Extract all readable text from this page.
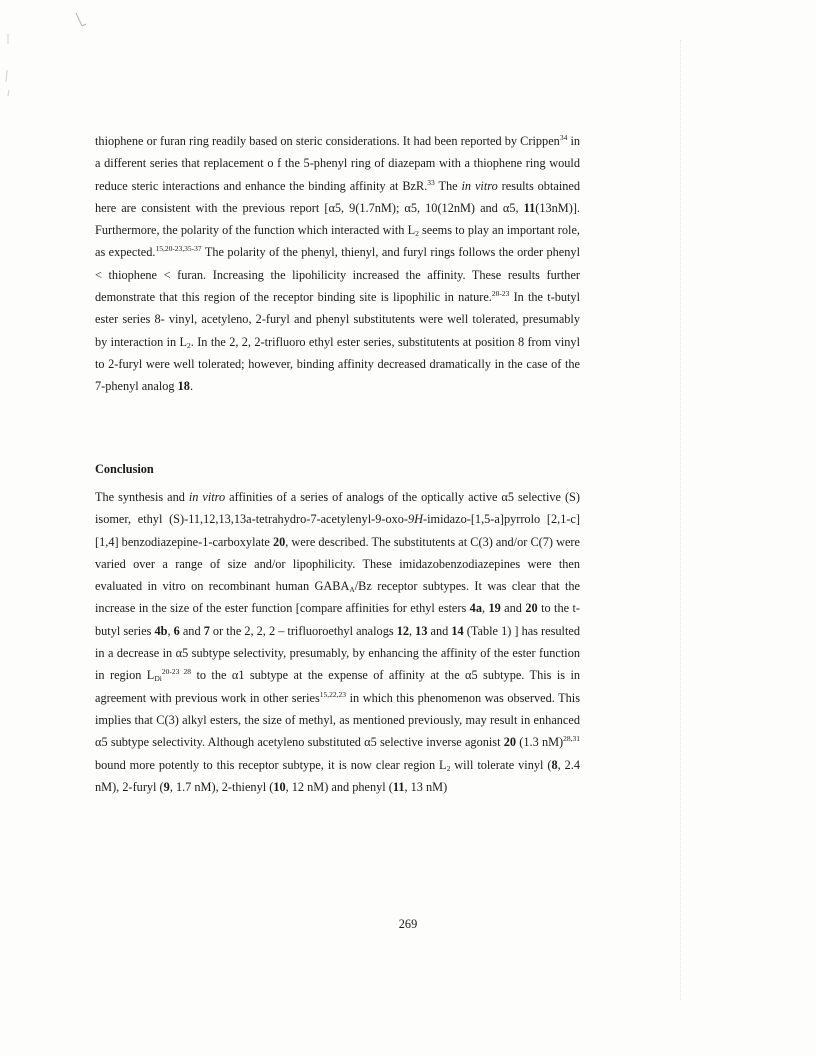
thiophene or furan ring readily based on steric considerations. It had been reported by Crippen$^{34}$ in a different series that replacement o f the 5-phenyl ring of diazepam with a thiophene ring would reduce steric interactions and enhance the binding affinity at BzR.$^{33}$ The in vitro results obtained here are consistent with the previous report [α5, 9(1.7nM); α5, 10(12nM) and α5, 11(13nM)]. Furthermore, the polarity of the function which interacted with $L_2$ seems to play an important role, as expected.$^{15,20-23,35-37}$ The polarity of the phenyl, thienyl, and furyl rings follows the order phenyl < thiophene < furan. Increasing the lipohilicity increased the affinity. These results further demonstrate that this region of the receptor binding site is lipophilic in nature.$^{20-23}$ In the t-butyl ester series 8- vinyl, acetyleno, 2-furyl and phenyl substitutents were well tolerated, presumably by interaction in $L_2$. In the 2, 2, 2-trifluoro ethyl ester series, substitutents at position 8 from vinyl to 2-furyl were well tolerated; however, binding affinity decreased dramatically in the case of the 7-phenyl analog 18.

Conclusion

The synthesis and in vitro affinities of a series of analogs of the optically active α5 selective (S) isomer, ethyl (S)-11,12,13,13a-tetrahydro-7-acetylenyl-9-oxo-9H-imidazo-[1,5-a]pyrrolo [2,1-c][1,4] benzodiazepine-1-carboxylate 20, were described. The substitutents at C(3) and/or C(7) were varied over a range of size and/or lipophilicity. These imidazobenzodiazepines were then evaluated in vitro on recombinant human $GABA_A/Bz$ receptor subtypes. It was clear that the increase in the size of the ester function [compare affinities for ethyl esters 4a, 19 and 20 to the t-butyl series 4b, 6 and 7 or the 2, 2, 2 – trifluoroethyl analogs 12, 13 and 14 (Table 1) ] has resulted in a decrease in α5 subtype selectivity, presumably, by enhancing the affinity of the ester function in region $L_{Di}^{20-23 28}$ to the α1 subtype at the expense of affinity at the α5 subtype. This is in agreement with previous work in other series$^{15,22,23}$ in which this phenomenon was observed. This implies that C(3) alkyl esters, the size of methyl, as mentioned previously, may result in enhanced α5 subtype selectivity. Although acetyleno substituted α5 selective inverse agonist 20 (1.3 nM)$^{28,31}$ bound more potently to this receptor subtype, it is now clear region $L_2$ will tolerate vinyl (8, 2.4 nM), 2-furyl (9, 1.7 nM), 2-thienyl (10, 12 nM) and phenyl (11, 13 nM)

269
